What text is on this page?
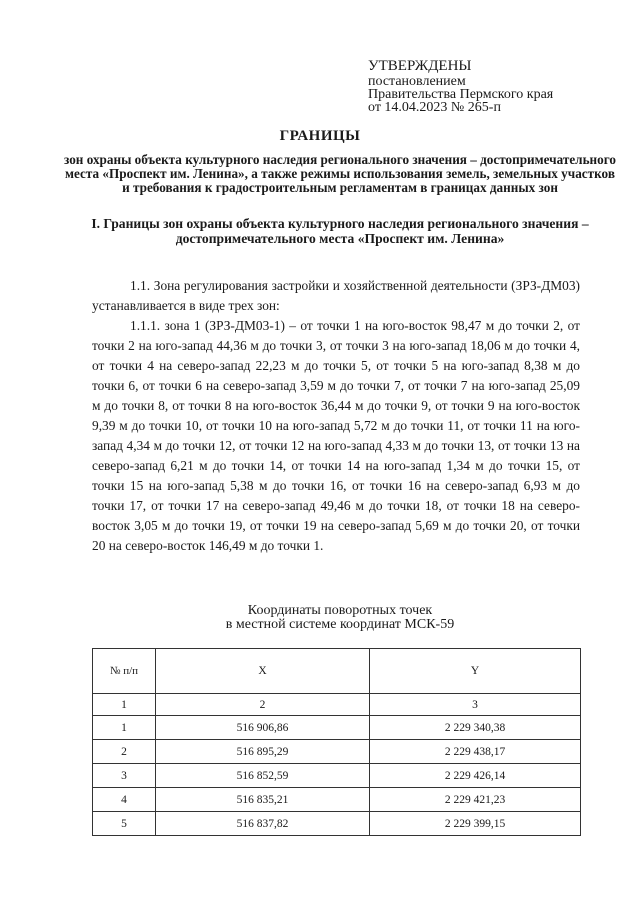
УТВЕРЖДЕНЫ
постановлением
Правительства Пермского края
от 14.04.2023 № 265-п
ГРАНИЦЫ
зон охраны объекта культурного наследия регионального значения – достопримечательного места «Проспект им. Ленина», а также режимы использования земель, земельных участков и требования к градостроительным регламентам в границах данных зон
I. Границы зон охраны объекта культурного наследия регионального значения – достопримечательного места «Проспект им. Ленина»
1.1. Зона регулирования застройки и хозяйственной деятельности (ЗРЗ-ДМ03) устанавливается в виде трех зон:
1.1.1. зона 1 (ЗРЗ-ДМ03-1) – от точки 1 на юго-восток 98,47 м до точки 2, от точки 2 на юго-запад 44,36 м до точки 3, от точки 3 на юго-запад 18,06 м до точки 4, от точки 4 на северо-запад 22,23 м до точки 5, от точки 5 на юго-запад 8,38 м до точки 6, от точки 6 на северо-запад 3,59 м до точки 7, от точки 7 на юго-запад 25,09 м до точки 8, от точки 8 на юго-восток 36,44 м до точки 9, от точки 9 на юго-восток 9,39 м до точки 10, от точки 10 на юго-запад 5,72 м до точки 11, от точки 11 на юго-запад 4,34 м до точки 12, от точки 12 на юго-запад 4,33 м до точки 13, от точки 13 на северо-запад 6,21 м до точки 14, от точки 14 на юго-запад 1,34 м до точки 15, от точки 15 на юго-запад 5,38 м до точки 16, от точки 16 на северо-запад 6,93 м до точки 17, от точки 17 на северо-запад 49,46 м до точки 18, от точки 18 на северо-восток 3,05 м до точки 19, от точки 19 на северо-запад 5,69 м до точки 20, от точки 20 на северо-восток 146,49 м до точки 1.
Координаты поворотных точек
в местной системе координат МСК-59
№ п/п	X	Y
1	2	3
1	516 906,86	2 229 340,38
2	516 895,29	2 229 438,17
3	516 852,59	2 229 426,14
4	516 835,21	2 229 421,23
5	516 837,82	2 229 399,15
